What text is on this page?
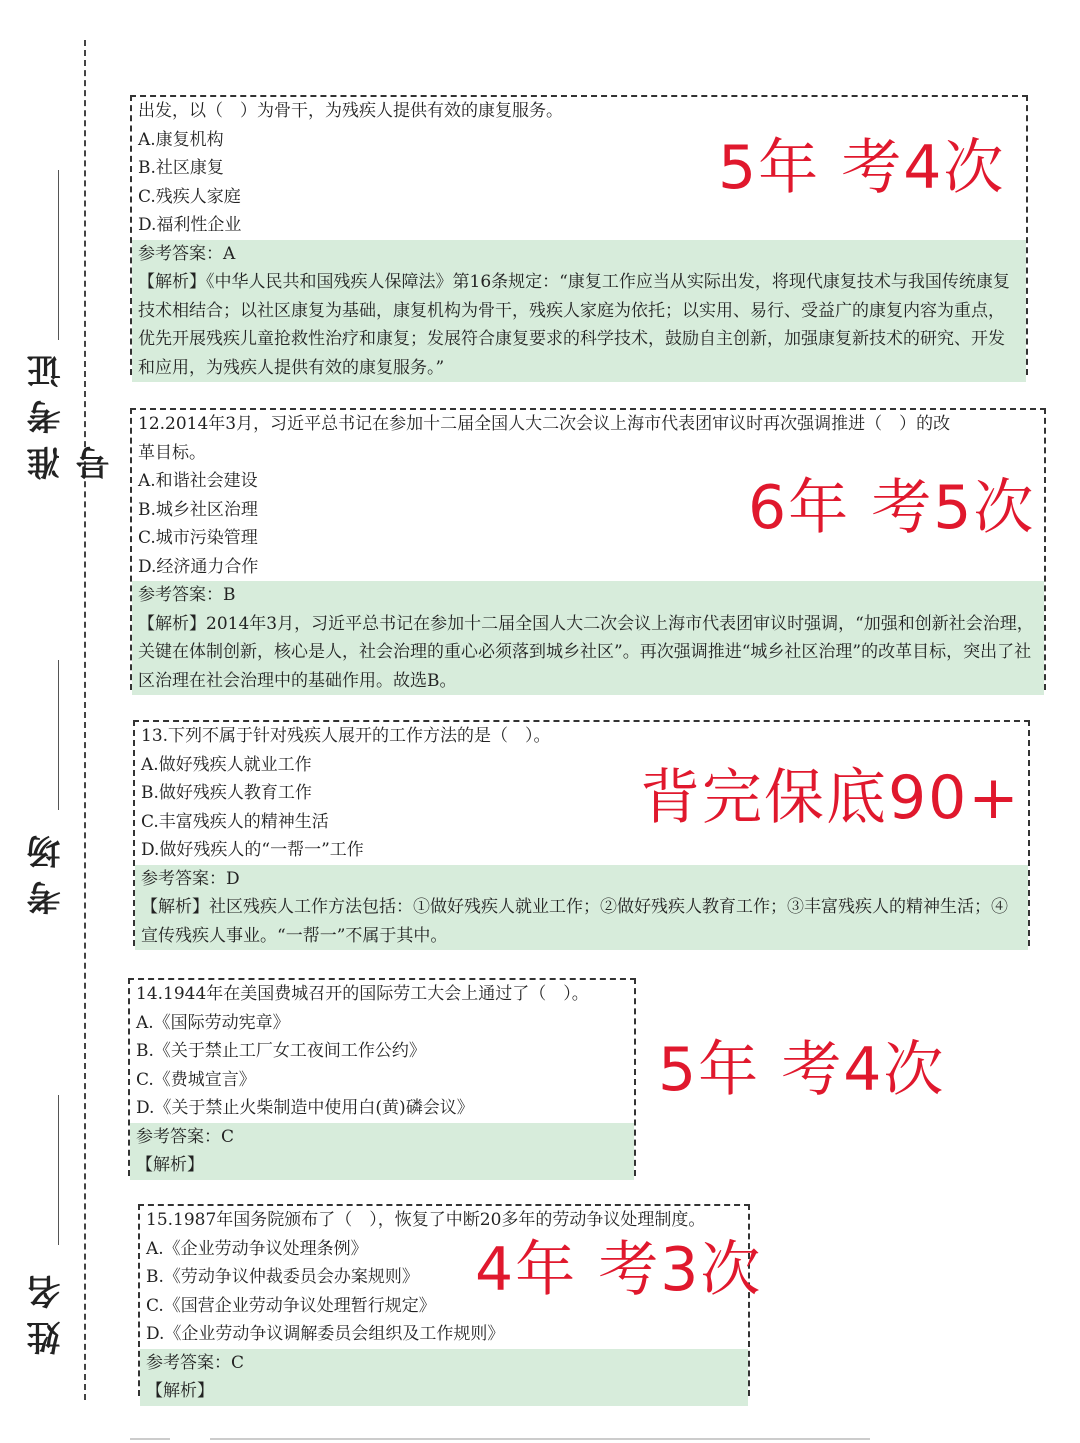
准考证号
考场
姓名
出发，以（　）为骨干，为残疾人提供有效的康复服务。
A.康复机构
B.社区康复
C.残疾人家庭
D.福利性企业
参考答案：A
【解析】《中华人民共和国残疾人保障法》第16条规定：“康复工作应当从实际出发，将现代康复技术与我国传统康复技术相结合；以社区康复为基础，康复机构为骨干，残疾人家庭为依托；以实用、易行、受益广的康复内容为重点，优先开展残疾儿童抢救性治疗和康复；发展符合康复要求的科学技术，鼓励自主创新，加强康复新技术的研究、开发和应用，为残疾人提供有效的康复服务。”
5年 考4次
12.2014年3月，习近平总书记在参加十二届全国人大二次会议上海市代表团审议时再次强调推进（　）的改
革目标。
A.和谐社会建设
B.城乡社区治理
C.城市污染管理
D.经济通力合作
参考答案：B
【解析】2014年3月，习近平总书记在参加十二届全国人大二次会议上海市代表团审议时强调，“加强和创新社会治理，关键在体制创新，核心是人，社会治理的重心必须落到城乡社区”。再次强调推进“城乡社区治理”的改革目标，突出了社区治理在社会治理中的基础作用。故选B。
6年 考5次
13.下列不属于针对残疾人展开的工作方法的是（　）。
A.做好残疾人就业工作
B.做好残疾人教育工作
C.丰富残疾人的精神生活
D.做好残疾人的“一帮一”工作
参考答案：D
【解析】社区残疾人工作方法包括：①做好残疾人就业工作；②做好残疾人教育工作；③丰富残疾人的精神生活；④宣传残疾人事业。“一帮一”不属于其中。
背完保底90+
14.1944年在美国费城召开的国际劳工大会上通过了（　）。
A.《国际劳动宪章》
B.《关于禁止工厂女工夜间工作公约》
C.《费城宣言》
D.《关于禁止火柴制造中使用白(黄)磷会议》
参考答案：C
【解析】
5年 考4次
15.1987年国务院颁布了（　），恢复了中断20多年的劳动争议处理制度。
A.《企业劳动争议处理条例》
B.《劳动争议仲裁委员会办案规则》
C.《国营企业劳动争议处理暂行规定》
D.《企业劳动争议调解委员会组织及工作规则》
参考答案：C
【解析】
4年 考3次
